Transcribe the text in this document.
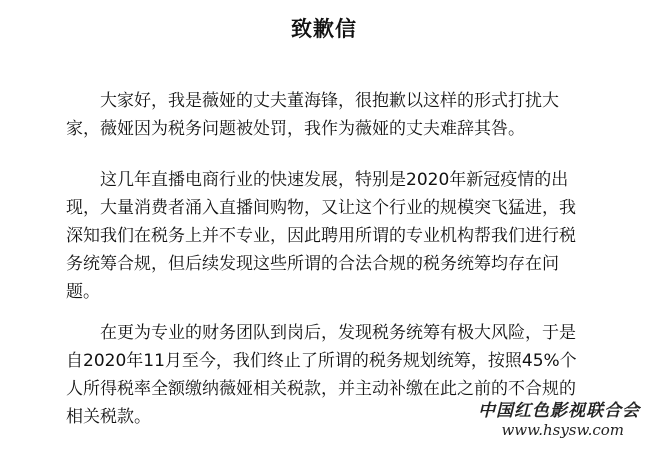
致歉信

大家好，我是薇娅的丈夫董海锋，很抱歉以这样的形式打扰大家，薇娅因为税务问题被处罚，我作为薇娅的丈夫难辞其咎。

这几年直播电商行业的快速发展，特别是2020年新冠疫情的出现，大量消费者涌入直播间购物，又让这个行业的规模突飞猛进，我深知我们在税务上并不专业，因此聘用所谓的专业机构帮我们进行税务统筹合规，但后续发现这些所谓的合法合规的税务统筹均存在问题。

在更为专业的财务团队到岗后，发现税务统筹有极大风险，于是自2020年11月至今，我们终止了所谓的税务规划统筹，按照45%个人所得税率全额缴纳薇娅相关税款，并主动补缴在此之前的不合规的相关税款。	中国红色影视联合会
www.hsysw.com
